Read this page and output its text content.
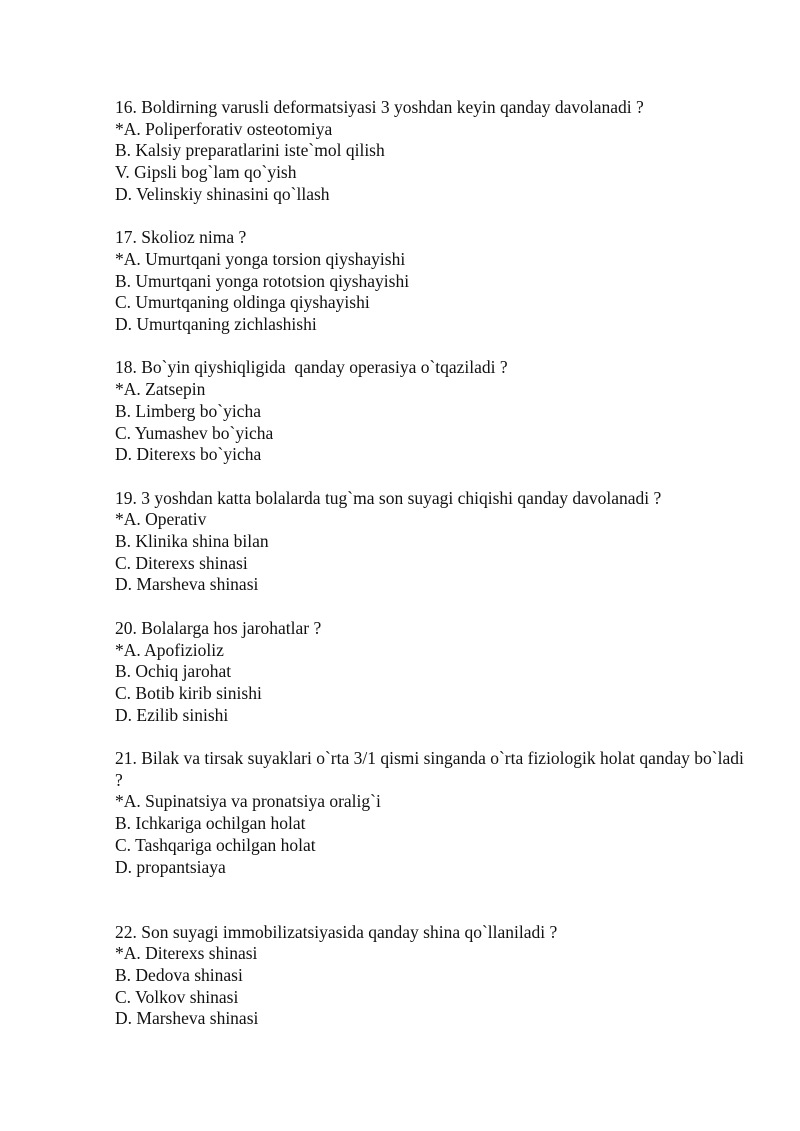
16. Boldirning varusli deformatsiyasi 3 yoshdan keyin qanday davolanadi ?
*A. Poliperforativ osteotomiya
B. Kalsiy preparatlarini iste`mol qilish
V. Gipsli bog`lam qo`yish
D. Velinskiy shinasini qo`llash
17. Skolioz nima ?
*A. Umurtqani yonga torsion qiyshayishi
B. Umurtqani yonga rototsion qiyshayishi
C. Umurtqaning oldinga qiyshayishi
D. Umurtqaning zichlashishi
18. Bo`yin qiyshiqligida  qanday operasiya o`tqaziladi ?
*A. Zatsepin
B. Limberg bo`yicha
C. Yumashev bo`yicha
D. Diterexs bo`yicha
19. 3 yoshdan katta bolalarda tug`ma son suyagi chiqishi qanday davolanadi ?
*A. Operativ
B. Klinika shina bilan
C. Diterexs shinasi
D. Marsheva shinasi
20. Bolalarga hos jarohatlar ?
*A. Apofizioliz
B. Ochiq jarohat
C. Botib kirib sinishi
D. Ezilib sinishi
21. Bilak va tirsak suyaklari o`rta 3/1 qismi singanda o`rta fiziologik holat qanday bo`ladi ?
*A. Supinatsiya va pronatsiya oralig`i
B. Ichkariga ochilgan holat
C. Tashqariga ochilgan holat
D. propantsiaya
22. Son suyagi immobilizatsiyasida qanday shina qo`llaniladi ?
*A. Diterexs shinasi
B. Dedova shinasi
C. Volkov shinasi
D. Marsheva shinasi
